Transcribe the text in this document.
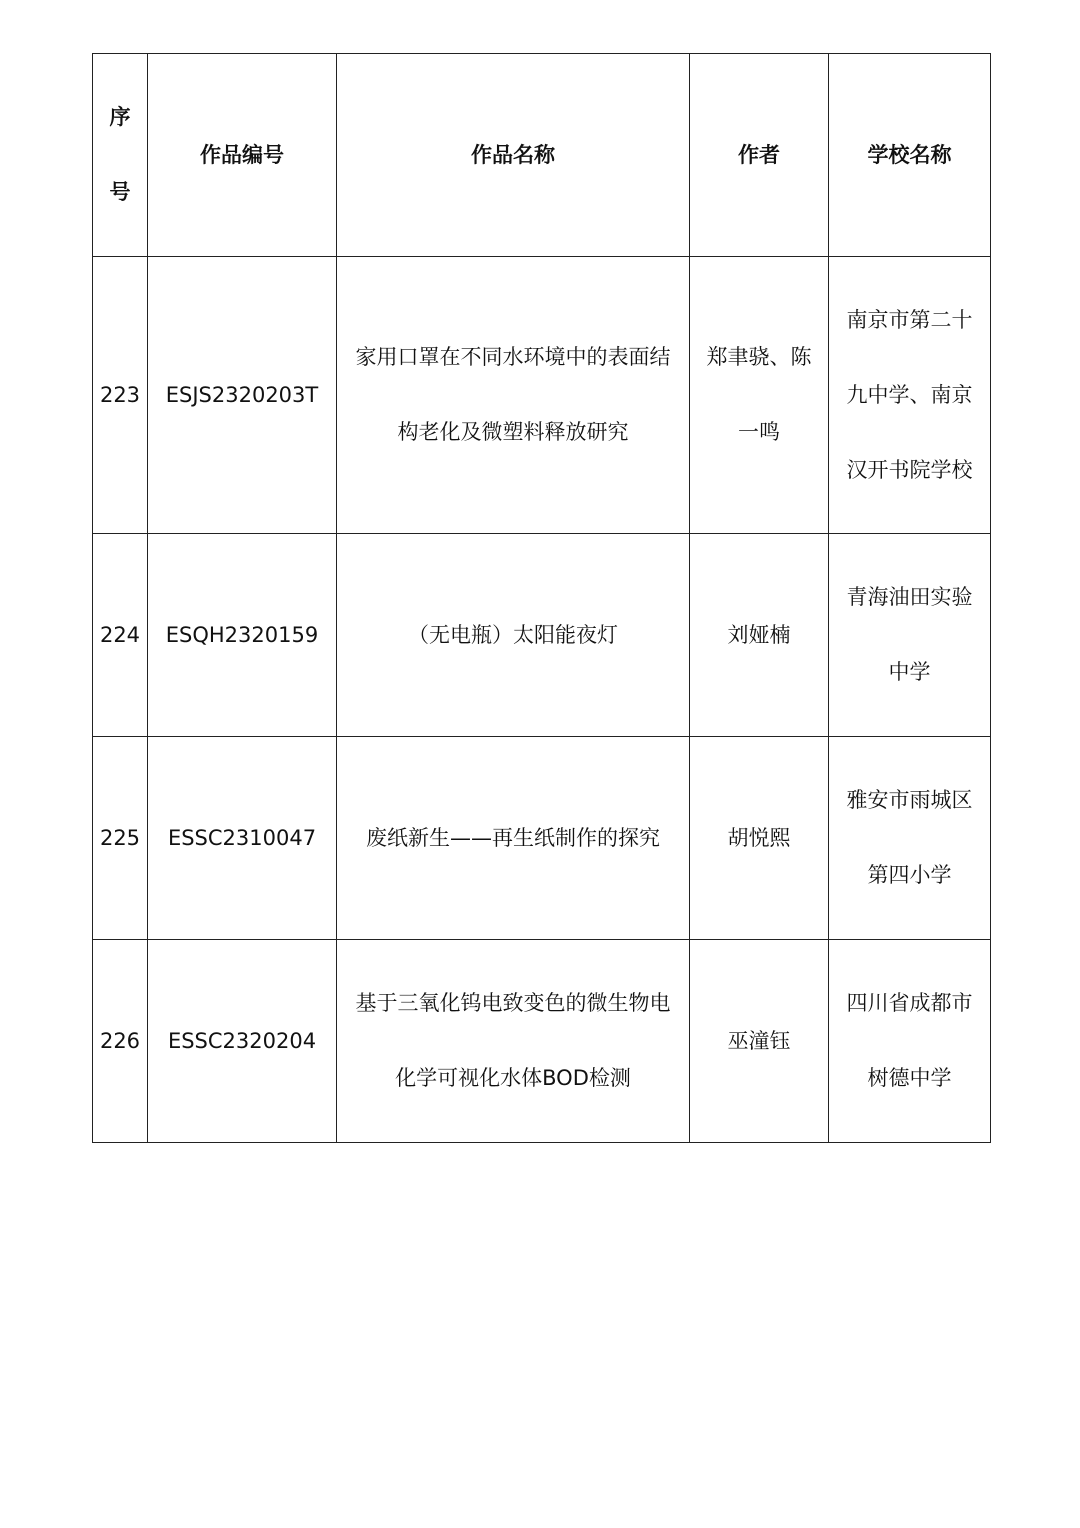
序号	作品编号	作品名称	作者	学校名称
223	ESJS2320203T	家用口罩在不同水环境中的表面结构老化及微塑料释放研究	郑聿骁、陈一鸣	南京市第二十九中学、南京汉开书院学校
224	ESQH2320159	（无电瓶）太阳能夜灯	刘娅楠	青海油田实验中学
225	ESSC2310047	废纸新生——再生纸制作的探究	胡悦熙	雅安市雨城区第四小学
226	ESSC2320204	基于三氧化钨电致变色的微生物电化学可视化水体BOD检测	巫潼钰	四川省成都市树德中学
